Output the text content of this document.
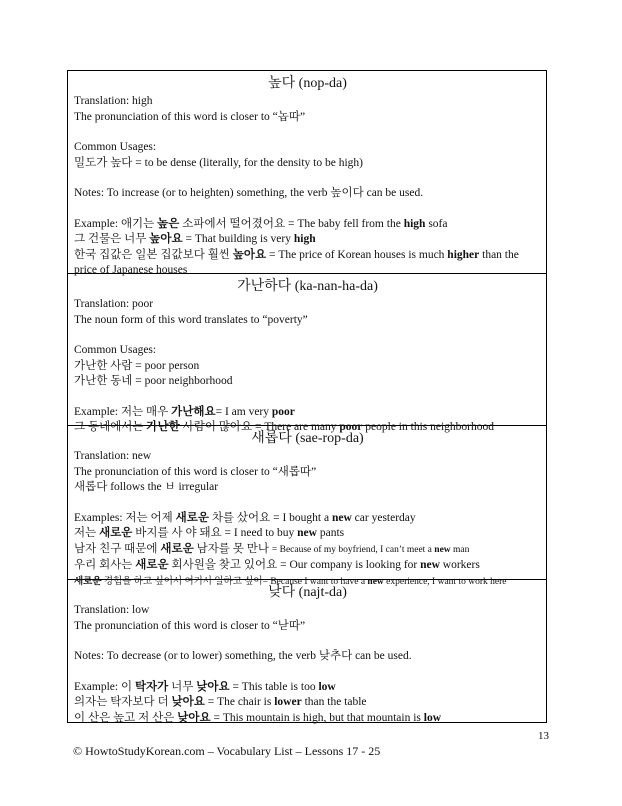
높다 (nop-da)
Translation: high
The pronunciation of this word is closer to “놉따”
Common Usages:
밀도가 높다 = to be dense (literally, for the density to be high)
Notes: To increase (or to heighten) something, the verb 높이다 can be used.
Example: 애기는 높은 소파에서 떨어졌어요 = The baby fell from the high sofa
그 건물은 너무 높아요 = That building is very high
한국 집값은 일본 집값보다 훨씬 높아요 = The price of Korean houses is much higher than the price of Japanese houses
가난하다 (ka-nan-ha-da)
Translation: poor
The noun form of this word translates to “poverty”
Common Usages:
가난한 사람 = poor person
가난한 동네 = poor neighborhood
Example: 저는 매우 가난해요= I am very poor
그 동네에서는 가난한 사람이 많아요 = There are many poor people in this neighborhood
새롭다 (sae-rop-da)
Translation: new
The pronunciation of this word is closer to “새롭따”
새롭다 follows the ㅂ irregular
Examples: 저는 어제 새로운 차를 샀어요 = I bought a new car yesterday
저는 새로운 바지를 사 야 돼요 = I need to buy new pants
남자 친구 때문에 새로운 남자를 못 만나 = Because of my boyfriend, I can’t meet a new man
우리 회사는 새로운 회사원을 찾고 있어요 = Our company is looking for new workers
새로운 경험을 하고 싶어서 여기서 일하고 싶어= Because I want to have a new experience, I want to work here
낮다 (najt-da)
Translation: low
The pronunciation of this word is closer to “낟따”
Notes: To decrease (or to lower) something, the verb 낮추다 can be used.
Example: 이 탁자가 너무 낮아요 = This table is too low
의자는 탁자보다 더 낮아요 = The chair is lower than the table
이 산은 높고 저 산은 낮아요 = This mountain is high, but that mountain is low
13
© HowtoStudyKorean.com – Vocabulary List – Lessons 17 - 25
